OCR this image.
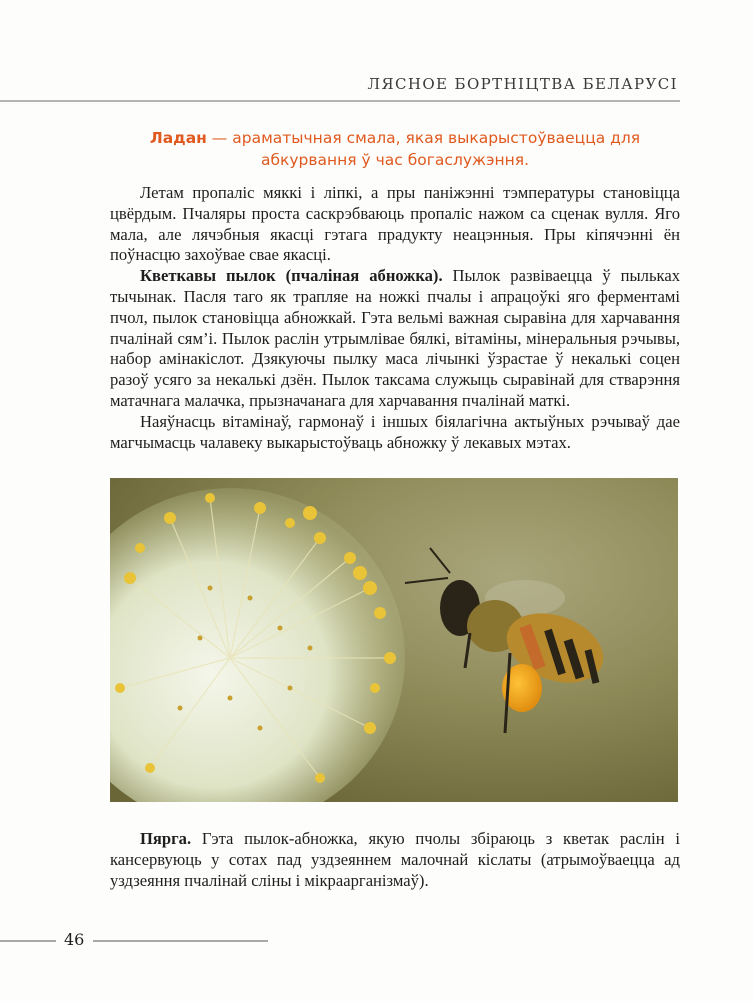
ЛЯСНОЕ БОРТНІЦТВА БЕЛАРУСІ
Ладан — араматычная смала, якая выкарыстоўваецца для абкурвання ў час богаслужэння.

Летам пропаліс мяккі і ліпкі, а пры паніжэнні тэмпературы становіцца цвёрдым. Пчаляры проста саскрэбваюць пропаліс нажом са сценак вулля. Яго мала, але лячэбныя якасці гэтага прадукту неацэнныя. Пры кіпячэнні ён поўнасцю захоўвае свае якасці.

Кветкавы пылок (пчаліная абножка). Пылок развіваецца ў пыльках тычынак. Пасля таго як трапляе на ножкі пчалы і апрацоўкі яго ферментамі пчол, пылок становіцца абножкай. Гэта вельмі важная сыравіна для харчавання пчалінай сям’і. Пылок раслін утрымлівае бялкі, вітаміны, мінеральныя рэчывы, набор амінакіслот. Дзякуючы пылку маса лічынкі ўзрастае ў некалькі соцен разоў усяго за некалькі дзён. Пылок таксама служыць сыравінай для стварэння матачнага малачка, прызначанага для харчавання пчалінай маткі.

Наяўнасць вітамінаў, гармонаў і іншых біялагічна актыўных рэчываў дае магчымасць чалавеку выкарыстоўваць абножку ў лекавых мэтах.

Пярга. Гэта пылок-абножка, якую пчолы збіраюць з кветак раслін і кансервуюць у сотах пад уздзеяннем малочнай кіслаты (атрымоўваецца ад уздзеяння пчалінай сліны і мікраарганізмаў).

46
